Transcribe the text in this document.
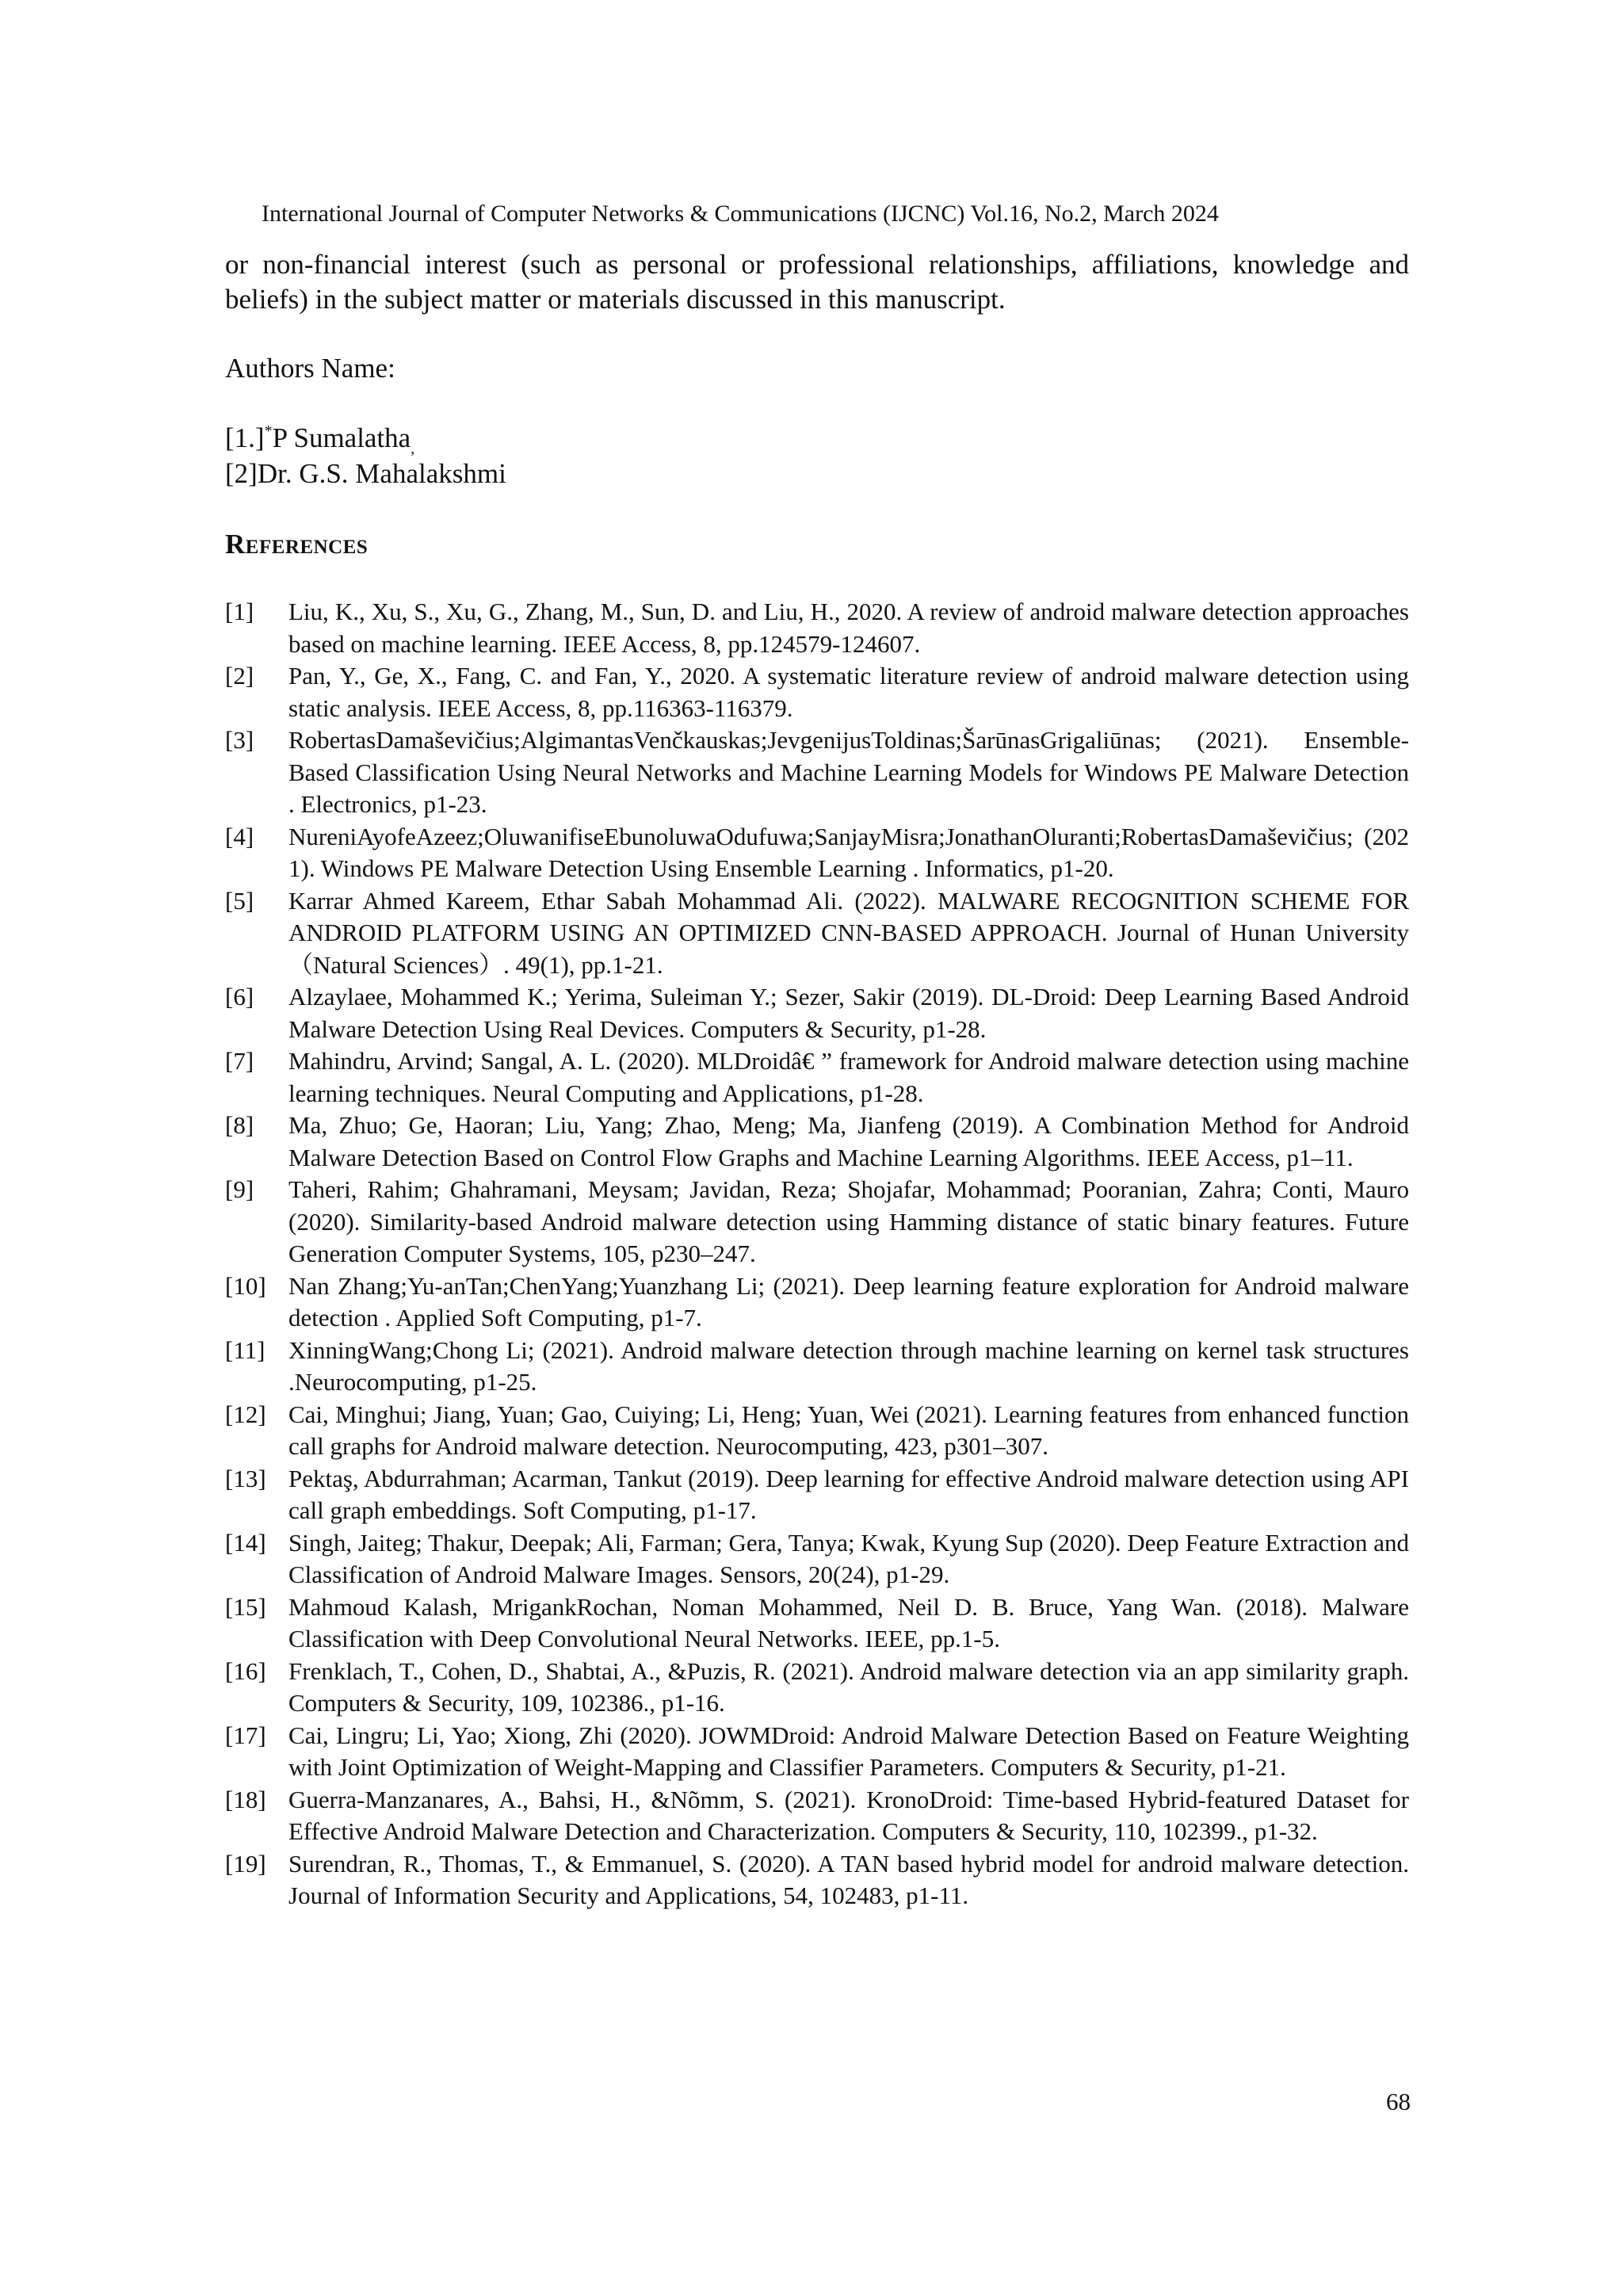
International Journal of Computer Networks & Communications (IJCNC) Vol.16, No.2, March 2024
or non-financial interest (such as personal or professional relationships, affiliations, knowledge and beliefs) in the subject matter or materials discussed in this manuscript.
Authors Name:
[1.]*P Sumalatha$_,$
[2]Dr. G.S. Mahalakshmi
References
[1]	Liu, K., Xu, S., Xu, G., Zhang, M., Sun, D. and Liu, H., 2020. A review of android malware detection approaches based on machine learning. IEEE Access, 8, pp.124579-124607.
[2]	Pan, Y., Ge, X., Fang, C. and Fan, Y., 2020. A systematic literature review of android malware detection using static analysis. IEEE Access, 8, pp.116363-116379.
[3]	RobertasDamaševičius;AlgimantasVenčkauskas;JevgenijusToldinas;ŠarūnasGrigaliūnas; (2021). Ensemble-Based Classification Using Neural Networks and Machine Learning Models for Windows PE Malware Detection . Electronics, p1-23.
[4]	NureniAyofeAzeez;OluwanifiseEbunoluwaOdufuwa;SanjayMisra;JonathanOluranti;RobertasDamaševičius; (2021). Windows PE Malware Detection Using Ensemble Learning . Informatics, p1-20.
[5]	Karrar Ahmed Kareem, Ethar Sabah Mohammad Ali. (2022). MALWARE RECOGNITION SCHEME FOR ANDROID PLATFORM USING AN OPTIMIZED CNN-BASED APPROACH. Journal of Hunan University（Natural Sciences）. 49(1), pp.1-21.
[6]	Alzaylaee, Mohammed K.; Yerima, Suleiman Y.; Sezer, Sakir (2019). DL-Droid: Deep Learning Based Android Malware Detection Using Real Devices. Computers & Security, p1-28.
[7]	Mahindru, Arvind; Sangal, A. L. (2020). MLDroidâ€ ” framework for Android malware detection using machine learning techniques. Neural Computing and Applications, p1-28.
[8]	Ma, Zhuo; Ge, Haoran; Liu, Yang; Zhao, Meng; Ma, Jianfeng (2019). A Combination Method for Android Malware Detection Based on Control Flow Graphs and Machine Learning Algorithms. IEEE Access, p1–11.
[9]	Taheri, Rahim; Ghahramani, Meysam; Javidan, Reza; Shojafar, Mohammad; Pooranian, Zahra; Conti, Mauro (2020). Similarity-based Android malware detection using Hamming distance of static binary features. Future Generation Computer Systems, 105, p230–247.
[10] Nan Zhang;Yu-anTan;ChenYang;Yuanzhang Li; (2021). Deep learning feature exploration for Android malware detection . Applied Soft Computing, p1-7.
[11] XinningWang;Chong Li; (2021). Android malware detection through machine learning on kernel task structures .Neurocomputing, p1-25.
[12] Cai, Minghui; Jiang, Yuan; Gao, Cuiying; Li, Heng; Yuan, Wei (2021). Learning features from enhanced function call graphs for Android malware detection. Neurocomputing, 423, p301–307.
[13] Pektaş, Abdurrahman; Acarman, Tankut (2019). Deep learning for effective Android malware detection using API call graph embeddings. Soft Computing, p1-17.
[14] Singh, Jaiteg; Thakur, Deepak; Ali, Farman; Gera, Tanya; Kwak, Kyung Sup (2020). Deep Feature Extraction and Classification of Android Malware Images. Sensors, 20(24), p1-29.
[15] Mahmoud Kalash, MrigankRochan, Noman Mohammed, Neil D. B. Bruce, Yang Wan. (2018). Malware Classification with Deep Convolutional Neural Networks. IEEE, pp.1-5.
[16] Frenklach, T., Cohen, D., Shabtai, A., &Puzis, R. (2021). Android malware detection via an app similarity graph. Computers & Security, 109, 102386., p1-16.
[17] Cai, Lingru; Li, Yao; Xiong, Zhi (2020). JOWMDroid: Android Malware Detection Based on Feature Weighting with Joint Optimization of Weight-Mapping and Classifier Parameters. Computers & Security, p1-21.
[18] Guerra-Manzanares, A., Bahsi, H., &Nõmm, S. (2021). KronoDroid: Time-based Hybrid-featured Dataset for Effective Android Malware Detection and Characterization. Computers & Security, 110, 102399., p1-32.
[19] Surendran, R., Thomas, T., & Emmanuel, S. (2020). A TAN based hybrid model for android malware detection. Journal of Information Security and Applications, 54, 102483, p1-11.
68
